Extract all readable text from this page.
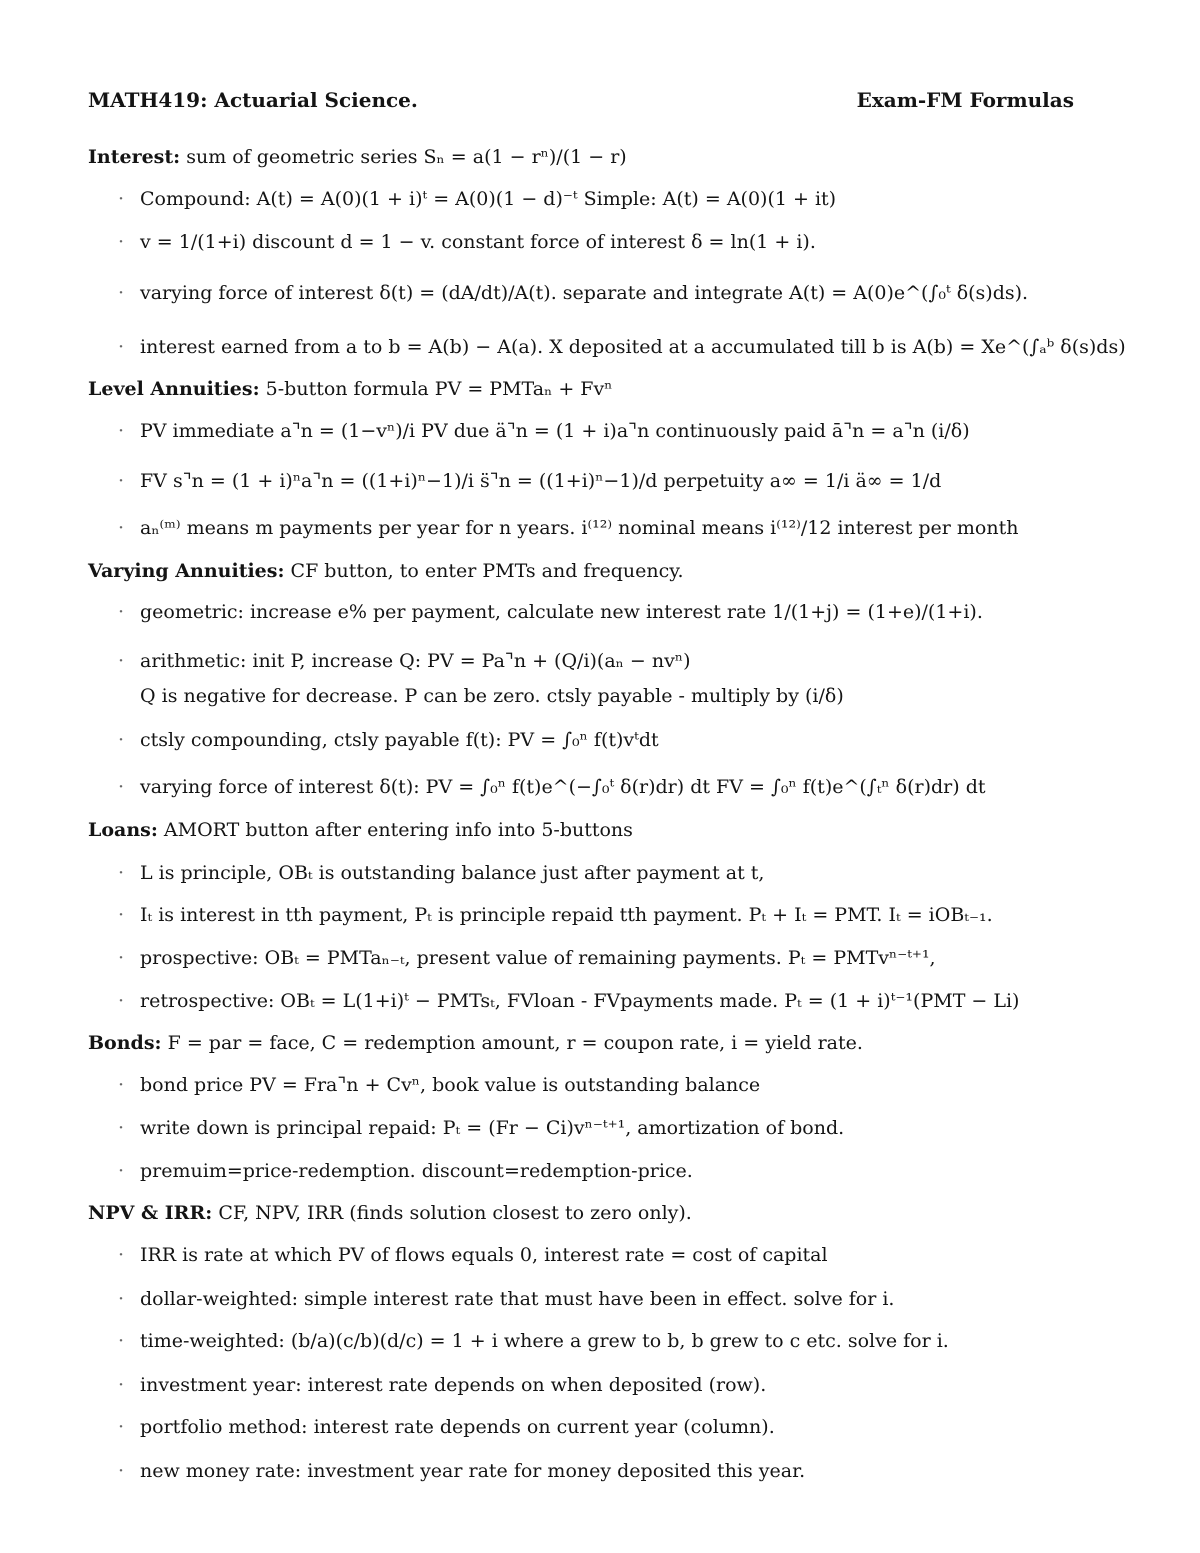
MATH419: Actuarial Science.	Exam-FM Formulas
Interest: sum of geometric series Sₙ = a(1 − rⁿ)/(1 − r)
· Compound: A(t) = A(0)(1 + i)ᵗ = A(0)(1 − d)⁻ᵗ Simple: A(t) = A(0)(1 + it)
· v = 1/(1+i) discount d = 1 − v. constant force of interest δ = ln(1 + i).
· varying force of interest δ(t) = (dA/dt)/A(t). separate and integrate A(t) = A(0)e^(∫₀ᵗ δ(s)ds).
· interest earned from a to b = A(b) − A(a). X deposited at a accumulated till b is A(b) = Xe^(∫ₐᵇ δ(s)ds)
Level Annuities: 5-button formula PV = PMTaₙ + Fvⁿ
· PV immediate a⌝n = (1−vⁿ)/i PV due ä⌝n = (1 + i)a⌝n continuously paid ā⌝n = a⌝n (i/δ)
· FV s⌝n = (1 + i)ⁿa⌝n = ((1+i)ⁿ−1)/i s̈⌝n = ((1+i)ⁿ−1)/d perpetuity a∞ = 1/i ä∞ = 1/d
· aₙ⁽ᵐ⁾ means m payments per year for n years. i⁽¹²⁾ nominal means i⁽¹²⁾/12 interest per month
Varying Annuities: CF button, to enter PMTs and frequency.
· geometric: increase e% per payment, calculate new interest rate 1/(1+j) = (1+e)/(1+i).
· arithmetic: init P, increase Q: PV = Pa⌝n + (Q/i)(aₙ − nvⁿ)
Q is negative for decrease. P can be zero. ctsly payable - multiply by (i/δ)
· ctsly compounding, ctsly payable f(t): PV = ∫₀ⁿ f(t)vᵗdt
· varying force of interest δ(t): PV = ∫₀ⁿ f(t)e^(−∫₀ᵗ δ(r)dr) dt FV = ∫₀ⁿ f(t)e^(∫ₜⁿ δ(r)dr) dt
Loans: AMORT button after entering info into 5-buttons
· L is principle, OBₜ is outstanding balance just after payment at t,
· Iₜ is interest in tth payment, Pₜ is principle repaid tth payment. Pₜ + Iₜ = PMT. Iₜ = iOBₜ₋₁.
· prospective: OBₜ = PMTaₙ₋ₜ, present value of remaining payments. Pₜ = PMTvⁿ⁻ᵗ⁺¹,
· retrospective: OBₜ = L(1+i)ᵗ − PMTsₜ, FVloan - FVpayments made. Pₜ = (1 + i)ᵗ⁻¹(PMT − Li)
Bonds: F = par = face, C = redemption amount, r = coupon rate, i = yield rate.
· bond price PV = Fra⌝n + Cvⁿ, book value is outstanding balance
· write down is principal repaid: Pₜ = (Fr − Ci)vⁿ⁻ᵗ⁺¹, amortization of bond.
· premuim=price-redemption. discount=redemption-price.
NPV & IRR: CF, NPV, IRR (finds solution closest to zero only).
· IRR is rate at which PV of flows equals 0, interest rate = cost of capital
· dollar-weighted: simple interest rate that must have been in effect. solve for i.
· time-weighted: (b/a)(c/b)(d/c) = 1 + i where a grew to b, b grew to c etc. solve for i.
· investment year: interest rate depends on when deposited (row).
· portfolio method: interest rate depends on current year (column).
· new money rate: investment year rate for money deposited this year.
